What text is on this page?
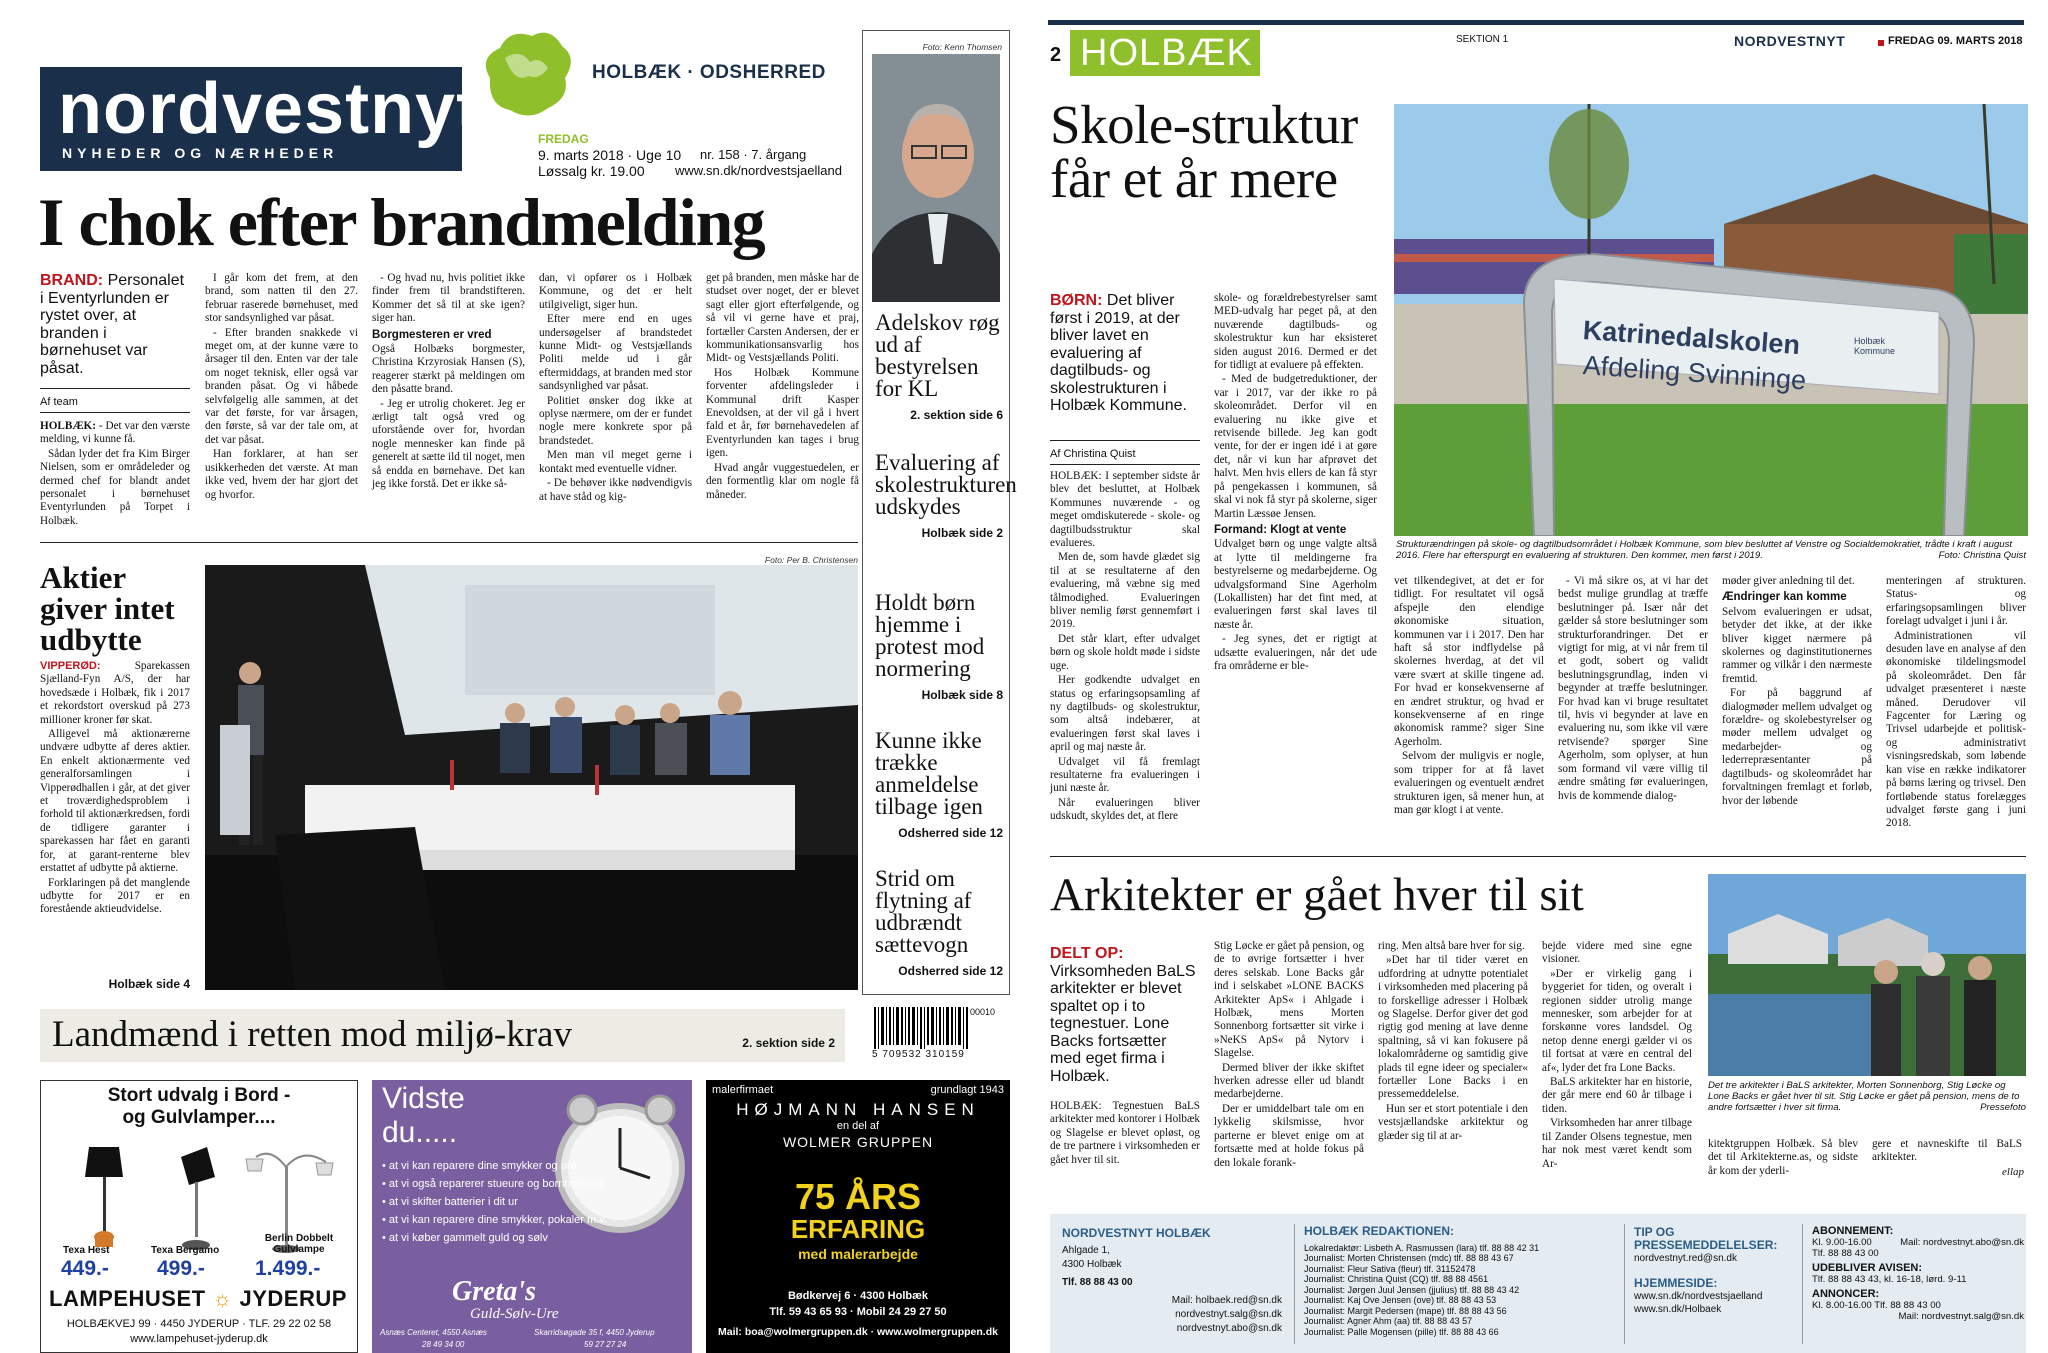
nordvestnyt
NYHEDER OG NÆRHEDER
HOLBÆK · ODSHERRED
FREDAG
9. marts 2018 · Uge 10 nr. 158 · 7. årgang
Løssalg kr. 19.00 www.sn.dk/nordvestsjaelland
I chok efter brandmelding
BRAND: Personalet i Eventyrlunden er rystet over, at branden i børnehuset var påsat.
Af team

HOLBÆK: - Det var den værste melding, vi kunne få.

Sådan lyder det fra Kim Birger Nielsen, som er områdeleder og dermed chef for blandt andet personalet i børnehuset Eventyrlunden på Torpet i Holbæk.

I går kom det frem, at den brand, som natten til den 27. februar raserede børnehuset, med stor sandsynlighed var påsat.

- Efter branden snakkede vi meget om, at der kunne være to årsager til den. Enten var der tale om noget teknisk, eller også var branden påsat. Og vi håbede selvfølgelig alle sammen, at det var det første, for var årsagen, den første, så var der tale om, at det var påsat.

Han forklarer, at han ser usikkerheden det værste. At man ikke ved, hvem der har gjort det og hvorfor.

- Og hvad nu, hvis politiet ikke finder frem til brandstifteren. Kommer det så til at ske igen? siger han.

Borgmesteren er vred

Også Holbæks borgmester, Christina Krzyrosiak Hansen (S), reagerer stærkt på meldingen om den påsatte brand.

- Jeg er utrolig chokeret. Jeg er ærligt talt også vred og uforstående over for, hvordan nogle mennesker kan finde på generelt at sætte ild til noget, men så endda en børnehave. Det kan jeg ikke forstå. Det er ikke så-

dan, vi opfører os i Holbæk Kommune, og det er helt utilgiveligt, siger hun.

Efter mere end en uges undersøgelser af brandstedet kunne Midt- og Vestsjællands Politi melde ud i går eftermiddags, at branden med stor sandsynlighed var påsat.

Politiet ønsker dog ikke at oplyse nærmere, om der er fundet nogle mere konkrete spor på brandstedet.

Men man vil meget gerne i kontakt med eventuelle vidner.

- De behøver ikke nødvendigvis at have ståd og kig-

get på branden, men måske har de studset over noget, der er blevet sagt eller gjort efterfølgende, og så vil vi gerne have et praj, fortæller Carsten Andersen, der er kommunikationsansvarlig hos Midt- og Vestsjællands Politi.

Hos Holbæk Kommune forventer afdelingsleder i Kommunal drift Kasper Enevoldsen, at der vil gå i hvert fald et år, før børnehavedelen af Eventyrlunden kan tages i brug igen.

Hvad angår vuggestuedelen, er den formentlig klar om nogle få måneder.

Aktier giver intet udbytte

VIPPERØD:	Sparekassen Sjælland-Fyn A/S, der har hovedsæde i Holbæk, fik i 2017 et rekordstort overskud på 273 millioner kroner før skat.

Alligevel må aktionærerne undvære udbytte af deres aktier. En enkelt aktionærmente ved generalforsamlingen i Vipperødhallen i går, at det giver et troværdighedsproblem i forhold til aktionærkredsen, fordi de tidligere garanter i sparekassen har fået en garanti for, at garant-renterne blev erstattet af udbytte på aktierne.

Forklaringen på det manglende udbytte for 2017 er en forestående aktieudvidelse.

Holbæk side 4
Foto: Per B. Christensen
Landmænd i retten mod miljø-krav	2. sektion side 2
00010
5 709532 310159
Foto: Kenn Thomsen
Adelskov røg ud af bestyrelsen for KL
2. sektion side 6
Evaluering af skolestrukturen udskydes
Holbæk side 2
Holdt børn hjemme i protest mod normering
Holbæk side 8
Kunne ikke trække anmeldelse tilbage igen
Odsherred side 12
Strid om flytning af udbrændt sættevogn
Odsherred side 12
Stort udvalg i Bord -og Gulvlamper....
Texa Hest
449.-
Texa Bergamo
499.-
Berlin Dobbelt Gulvlampe
1.499.-
LAMPEHUSET ☼ JYDERUP
HOLBÆKVEJ 99 · 4450 JYDERUP · TLF. 29 22 02 58
www.lampehuset-jyderup.dk
Vidste
du.....
• at vi kan reparere dine smykker og ure
• at vi også reparerer stueure og bornholmere
• at vi skifter batterier i dit ur
• at vi kan reparere dine smykker, pokaler m.v.
• at vi køber gammelt guld og sølv
Greta's
Guld-Sølv-Ure
Asnæs Centeret, 4550 Asnæs	Skarridsøgade 35 f, 4450 Jyderup
28 49 34 00	59 27 27 24
malerfirmaet	grundlagt 1943
HØJMANN HANSEN
en del af
WOLMER GRUPPEN
75 ÅRS
ERFARING
med malerarbejde
Bødkervej 6 · 4300 Holbæk
Tlf. 59 43 65 93 · Mobil 24 29 27 50
Mail: boa@wolmergruppen.dk · www.wolmergruppen.dk
2 HOLBÆK	SEKTION 1	NORDVESTNYT	FREDAG 09. MARTS 2018
Skole-struktur får et år mere
BØRN: Det bliver først i 2019, at der bliver lavet en evaluering af dagtilbuds- og skolestrukturen i Holbæk Kommune.
Af Christina Quist
Katrinedalskolen
Afdeling Svinninge
Holbæk Kommune
Strukturændringen på skole- og dagtilbudsområdet i Holbæk Kommune, som blev besluttet af Venstre og Socialdemokratiet, trådte i kraft i august 2016. Flere har efterspurgt en evaluering af strukturen. Den kommer, men først i 2019.	Foto: Christina Quist

HOLBÆK: I september sidste år blev det besluttet, at Holbæk Kommunes nuværende - og meget omdiskuterede - skole- og dagtilbudsstruktur skal evalueres.

Men de, som havde glædet sig til at se resultaterne af den evaluering, må væbne sig med tålmodighed. Evalueringen bliver nemlig først gennemført i 2019.

Det står klart, efter udvalget børn og skole holdt møde i sidste uge.

Her godkendte udvalget en status og erfaringsopsamling af ny dagtilbuds- og skolestruktur, som altså indebærer, at evalueringen først skal laves i april og maj næste år.

Udvalget vil få fremlagt resultaterne fra evalueringen i juni næste år.

Når evalueringen bliver udskudt, skyldes det, at flere

skole- og forældrebestyrelser samt MED-udvalg har peget på, at den nuværende dagtilbuds- og skolestruktur kun har eksisteret siden august 2016. Dermed er det for tidligt at evaluere på effekten.

- Med de budgetreduktioner, der var i 2017, var der ikke ro på skoleområdet. Derfor vil en evaluering nu ikke give et retvisende billede. Jeg kan godt vente, for der er ingen idé i at gøre det, når vi kun har afprøvet det halvt. Men hvis ellers de kan få styr på pengekassen i kommunen, så skal vi nok få styr på skolerne, siger Martin Læssøe Jensen.

Formand: Klogt at vente

Udvalget børn og unge valgte altså at lytte til meldingerne fra bestyrelserne og medarbejderne. Og udvalgsformand Sine Agerholm (Lokallisten) har det fint med, at evalueringen først skal laves til næste år.

- Jeg synes, det er rigtigt at udsætte evalueringen, når det ude fra områderne er ble-

vet tilkendegivet, at det er for tidligt. For resultatet vil også afspejle den elendige økonomiske situation, kommunen var i i 2017. Den har haft så stor indflydelse på skolernes hverdag, at det vil være svært at skille tingene ad. For hvad er konsekvenserne af en ændret struktur, og hvad er konsekvenserne af en ringe økonomisk ramme? siger Sine Agerholm.

Selvom der muligvis er nogle, som tripper for at få lavet evalueringen og eventuelt ændret strukturen igen, så mener hun, at man gør klogt i at vente.

- Vi må sikre os, at vi har det bedst mulige grundlag at træffe beslutninger på. Især når det gælder så store beslutninger som strukturforandringer. Det er vigtigt for mig, at vi når frem til et godt, sobert og validt beslutningsgrundlag, inden vi begynder at træffe beslutninger. For hvad kan vi bruge resultatet til, hvis vi begynder at lave en evaluering nu, som ikke vil være retvisende? spørger Sine Agerholm, som oplyser, at hun som formand vil være villig til ændre småting før evalueringen, hvis de kommende dialog-

møder giver anledning til det.

Ændringer kan komme

Selvom evalueringen er udsat, betyder det ikke, at der ikke bliver kigget nærmere på skolernes og daginstitutionernes rammer og vilkår i den nærmeste fremtid.

For på baggrund af dialogmøder mellem udvalget og forældre- og skolebestyrelser og møder mellem udvalget og medarbejder- og lederrepræsentanter på dagtilbuds- og skoleområdet har forvaltningen fremlagt et forløb, hvor der løbende

menteringen af strukturen. Status- og erfaringsopsamlingen bliver forelagt udvalget i juni i år.

Administrationen vil desuden lave en analyse af den økonomiske tildelingsmodel på skoleområdet. Den får udvalget præsenteret i næste måned. Derudover vil Fagcenter for Læring og Trivsel udarbejde et politisk- og administrativt visningsredskab, som løbende kan vise en række indikatorer på børns læring og trivsel. Den fortløbende status forelægges udvalget første gang i juni 2018.

Arkitekter er gået hver til sit
DELT OP: Virksomheden BaLS arkitekter er blevet spaltet op i to tegnestuer. Lone Backs fortsætter med eget firma i Holbæk.

HOLBÆK: Tegnestuen BaLS arkitekter med kontorer i Holbæk og Slagelse er blevet opløst, og de tre partnere i virksomheden er gået hver til sit.

Stig Løcke er gået på pension, og de to øvrige fortsætter i hver deres selskab. Lone Backs går ind i selskabet »LONE BACKS Arkitekter ApS« i Ahlgade i Holbæk, mens Morten Sonnenborg fortsætter sit virke i »NeKS ApS« på Nytorv i Slagelse.

Dermed bliver der ikke skiftet hverken adresse eller ud blandt medarbejderne.

Der er umiddelbart tale om en lykkelig skilsmisse, hvor parterne er blevet enige om at fortsætte med at holde fokus på den lokale forank-

ring. Men altså bare hver for sig.

»Det har til tider været en udfordring at udnytte potentialet i virksomheden med placering på to forskellige adresser i Holbæk og Slagelse. Derfor giver det god rigtig god mening at lave denne spaltning, så vi kan fokusere på lokalområderne og samtidig give plads til egne ideer og specialer« fortæller Lone Backs i en pressemeddelelse.

Hun ser et stort potentiale i den vestsjællandske arkitektur og glæder sig til at ar-

bejde videre med sine egne visioner.

»Der er virkelig gang i byggeriet for tiden, og overalt i regionen sidder utrolig mange mennesker, som arbejder for at forskønne vores landsdel. Og netop denne energi gælder vi os til fortsat at være en central del af«, lyder det fra Lone Backs.

BaLS arkitekter har en historie, der går mere end 60 år tilbage i tiden.

Virksomheden har anrer tilbage til Zander Olsens tegnestue, men har nok mest været kendt som Ar-

Det tre arkitekter i BaLS arkitekter, Morten Sonnenborg, Stig Løcke og Lone Backs er gået hver til sit. Stig Løcke er gået på pension, mens de to andre fortsætter i hver sit firma.	Pressefoto

kitektgruppen Holbæk. Så blev det til Arkitekterne.as, og sidste år kom der yderli-

gere et navneskifte til BaLS arkitekter.

ellap
NORDVESTNYT HOLBÆK
Ahlgade 1,
4300 Holbæk
Tlf. 88 88 43 00
Mail: holbaek.red@sn.dk
nordvestnyt.salg@sn.dk
nordvestnyt.abo@sn.dk
HOLBÆK REDAKTIONEN:
Lokalredaktør: Lisbeth A. Rasmussen (lara) tlf. 88 88 42 31
Journalist: Morten Christensen (mdc) tlf. 88 88 43 67
Journalist: Fleur Sativa (fleur) tlf. 31152478
Journalist: Christina Quist (CQ) tlf. 88 88 4561
Journalist: Jørgen Juul Jensen (jjulius) tlf. 88 88 43 42
Journalist: Kaj Ove Jensen (ove) tlf. 88 88 43 53
Journalist: Margit Pedersen (mape) tlf. 88 88 43 56
Journalist: Agner Ahm (aa) tlf. 88 88 43 57
Journalist: Palle Mogensen (pille) tlf. 88 88 43 66
TIP OG PRESSEMEDDELELSER:
nordvestnyt.red@sn.dk
HJEMMESIDE:
www.sn.dk/nordvestsjaelland
www.sn.dk/Holbaek
ABONNEMENT:
Kl. 9.00-16.00	Mail: nordvestnyt.abo@sn.dk
Tlf. 88 88 43 00
UDEBLIVER AVISEN:
Tlf. 88 88 43 43, kl. 16-18, lørd. 9-11
ANNONCER:
Kl. 8.00-16.00 Tlf. 88 88 43 00
Mail: nordvestnyt.salg@sn.dk
